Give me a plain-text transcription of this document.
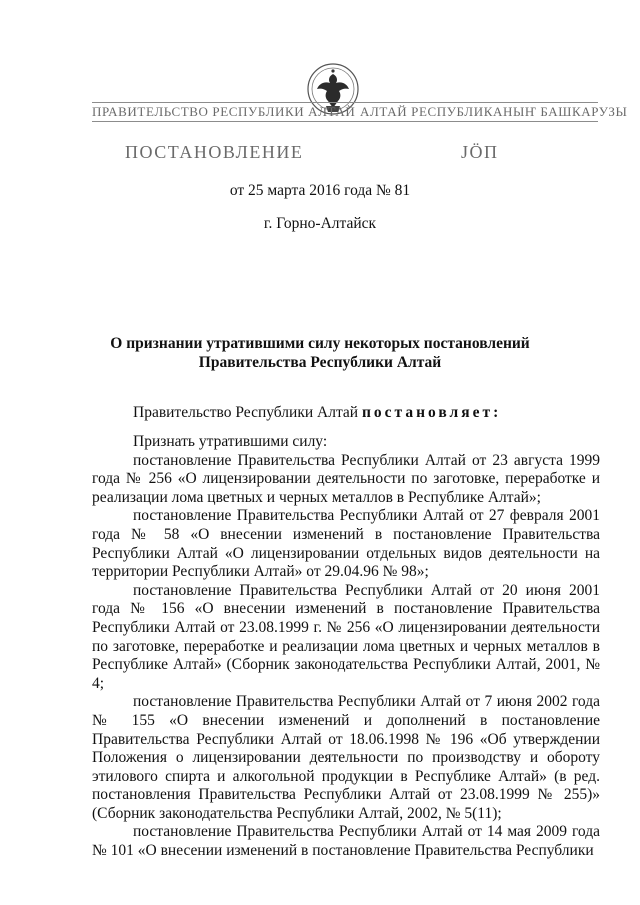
ПРАВИТЕЛЬСТВО РЕСПУБЛИКИ АЛТАЙ АЛТАЙ РЕСПУБЛИКАНЫҤ БАШКАРУЗЫ
ПОСТАНОВЛЕНИЕ	ЈӦП
от 25 марта 2016 года № 81
г. Горно-Алтайск
О признании утратившими силу некоторых постановлений Правительства Республики Алтай
Правительство Республики Алтай постановляет:

Признать утратившими силу:

постановление Правительства Республики Алтай от 23 августа 1999 года № 256 «О лицензировании деятельности по заготовке, переработке и реализации лома цветных и черных металлов в Республике Алтай»;

постановление Правительства Республики Алтай от 27 февраля 2001 года № 58 «О внесении изменений в постановление Правительства Республики Алтай «О лицензировании отдельных видов деятельности на территории Республики Алтай» от 29.04.96 № 98»;

постановление Правительства Республики Алтай от 20 июня 2001 года № 156 «О внесении изменений в постановление Правительства Республики Алтай от 23.08.1999 г. № 256 «О лицензировании деятельности по заготовке, переработке и реализации лома цветных и черных металлов в Республике Алтай» (Сборник законодательства Республики Алтай, 2001, № 4;

постановление Правительства Республики Алтай от 7 июня 2002 года № 155 «О внесении изменений и дополнений в постановление Правительства Республики Алтай от 18.06.1998 № 196 «Об утверждении Положения о лицензировании деятельности по производству и обороту этилового спирта и алкогольной продукции в Республике Алтай» (в ред. постановления Правительства Республики Алтай от 23.08.1999 № 255)» (Сборник законодательства Республики Алтай, 2002, № 5(11);

постановление Правительства Республики Алтай от 14 мая 2009 года № 101 «О внесении изменений в постановление Правительства Республики
